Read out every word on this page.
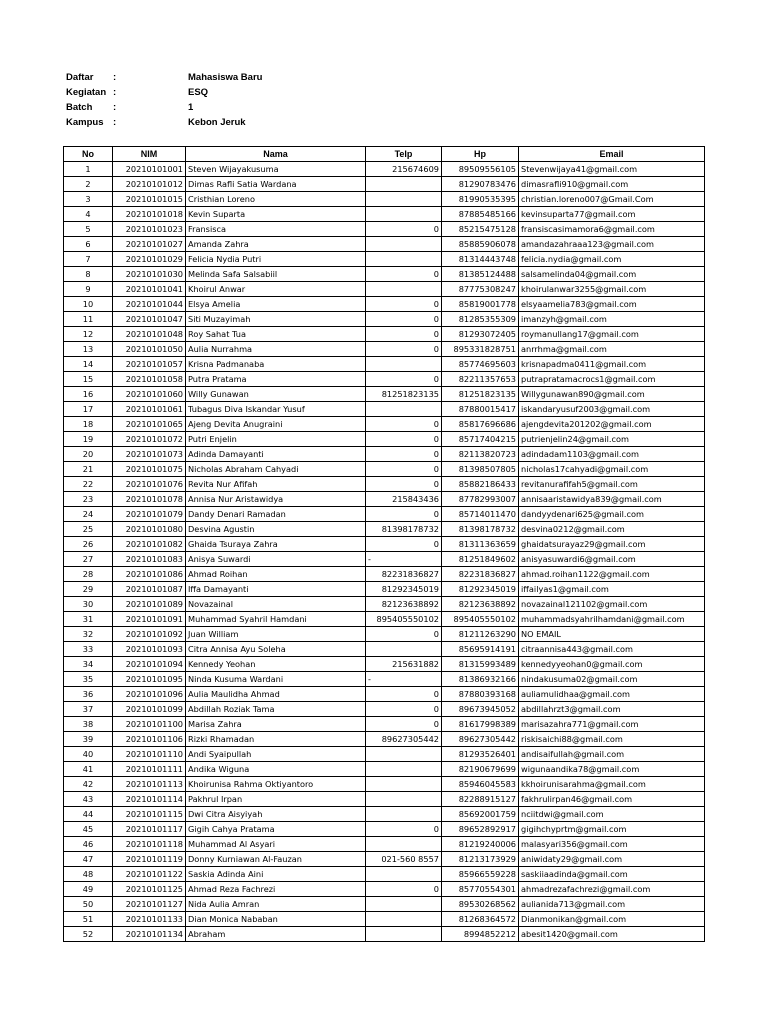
Daftar :	Mahasiswa Baru
Kegiatan :	ESQ
Batch :	1
Kampus :	Kebon Jeruk
No	NIM	Nama	Telp	Hp	Email
1	20210101001	Steven Wijayakusuma	215674609	89509556105	Stevenwijaya41@gmail.com
2	20210101012	Dimas Rafli Satia Wardana		81290783476	dimasrafli910@gmail.com
3	20210101015	Cristhian Loreno		81990535395	christian.loreno007@Gmail.Com
4	20210101018	Kevin Suparta		87885485166	kevinsuparta77@gmail.com
5	20210101023	Fransisca	0	85215475128	fransiscasimamora6@gmail.com
6	20210101027	Amanda Zahra		85885906078	amandazahraaa123@gmail.com
7	20210101029	Felicia Nydia Putri		81314443748	felicia.nydia@gmail.com
8	20210101030	Melinda Safa Salsabiil	0	81385124488	salsamelinda04@gmail.com
9	20210101041	Khoirul Anwar		87775308247	khoirulanwar3255@gmail.com
10	20210101044	Elsya Amelia	0	85819001778	elsyaamelia783@gmail.com
11	20210101047	Siti Muzayimah	0	81285355309	imanzyh@gmail.com
12	20210101048	Roy Sahat Tua	0	81293072405	roymanullang17@gmail.com
13	20210101050	Aulia Nurrahma	0	895331828751	anrrhma@gmail.com
14	20210101057	Krisna Padmanaba		85774695603	krisnapadma0411@gmail.com
15	20210101058	Putra Pratama	0	82211357653	putrapratamacrocs1@gmail.com
16	20210101060	Willy Gunawan	81251823135	81251823135	Willygunawan890@gmail.com
17	20210101061	Tubagus Diva Iskandar Yusuf		87880015417	iskandaryusuf2003@gmail.com
18	20210101065	Ajeng Devita Anugraini	0	85817696686	ajengdevita201202@gmail.com
19	20210101072	Putri Enjelin	0	85717404215	putrienjelin24@gmail.com
20	20210101073	Adinda Damayanti	0	82113820723	adindadam1103@gmail.com
21	20210101075	Nicholas Abraham Cahyadi	0	81398507805	nicholas17cahyadi@gmail.com
22	20210101076	Revita Nur Afifah	0	85882186433	revitanurafifah5@gmail.com
23	20210101078	Annisa Nur Aristawidya	215843436	87782993007	annisaaristawidya839@gmail.com
24	20210101079	Dandy Denari Ramadan	0	85714011470	dandyydenari625@gmail.com
25	20210101080	Desvina Agustin	81398178732	81398178732	desvina0212@gmail.com
26	20210101082	Ghaida Tsuraya Zahra	0	81311363659	ghaidatsurayaz29@gmail.com
27	20210101083	Anisya Suwardi	-	81251849602	anisyasuwardi6@gmail.com
28	20210101086	Ahmad Roihan	82231836827	82231836827	ahmad.roihan1122@gmail.com
29	20210101087	Iffa Damayanti	81292345019	81292345019	iffailyas1@gmail.com
30	20210101089	Novazainal	82123638892	82123638892	novazainal121102@gmail.com
31	20210101091	Muhammad Syahril Hamdani	895405550102	895405550102	muhammadsyahrilhamdani@gmail.com
32	20210101092	Juan William	0	81211263290	NO EMAIL
33	20210101093	Citra Annisa Ayu Soleha		85695914191	citraannisa443@gmail.com
34	20210101094	Kennedy Yeohan	215631882	81315993489	kennedyyeohan0@gmail.com
35	20210101095	Ninda Kusuma Wardani	-	81386932166	nindakusuma02@gmail.com
36	20210101096	Aulia Maulidha Ahmad	0	87880393168	auliamulidhaa@gmail.com
37	20210101099	Abdillah Roziak Tama	0	89673945052	abdillahrzt3@gmail.com
38	20210101100	Marisa Zahra	0	81617998389	marisazahra771@gmail.com
39	20210101106	Rizki Rhamadan	89627305442	89627305442	riskisaichi88@gmail.com
40	20210101110	Andi Syaipullah		81293526401	andisaifullah@gmail.com
41	20210101111	Andika Wiguna		82190679699	wigunaandika78@gmail.com
42	20210101113	Khoirunisa Rahma Oktiyantoro		85946045583	kkhoirunisarahma@gmail.com
43	20210101114	Pakhrul Irpan		82288915127	fakhrulirpan46@gmail.com
44	20210101115	Dwi Citra Aisyiyah		85692001759	nciitdwi@gmail.com
45	20210101117	Gigih Cahya Pratama	0	89652892917	gigihchyprtm@gmail.com
46	20210101118	Muhammad Al Asyari		81219240006	malasyari356@gmail.com
47	20210101119	Donny Kurniawan Al-Fauzan	021-560 8557	81213173929	aniwidaty29@gmail.com
48	20210101122	Saskia Adinda Aini		85966559228	saskiiaadinda@gmail.com
49	20210101125	Ahmad Reza Fachrezi	0	85770554301	ahmadrezafachrezi@gmail.com
50	20210101127	Nida Aulia Amran		89530268562	aulianida713@gmail.com
51	20210101133	Dian Monica Nababan		81268364572	Dianmonikan@gmail.com
52	20210101134	Abraham		8994852212	abesit1420@gmail.com
